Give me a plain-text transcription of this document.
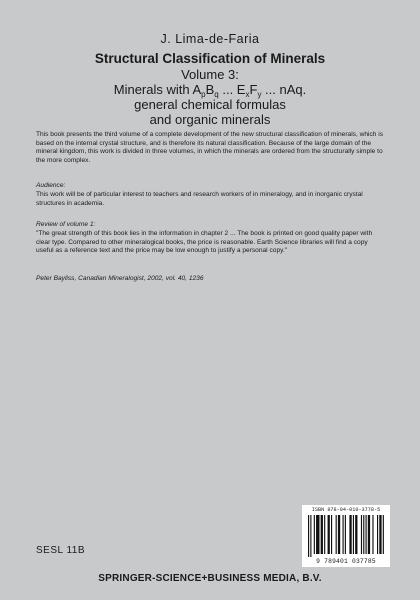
J. Lima-de-Faria
Structural Classification of Minerals
Volume 3:
Minerals with $A_pB_q$ ... $E_xF_y$ ... nAq.
general chemical formulas
and organic minerals
This book presents the third volume of a complete development of the new structural classification of minerals, which is based on the internal crystal structure, and is therefore its natural classification. Because of the large domain of the mineral kingdom, this work is divided in three volumes, in which the minerals are ordered from the structurally simple to the more complex.
Audience:
This work will be of particular interest to teachers and research workers of in mineralogy, and in inorganic crystal structures in academia.
Review of volume 1:
"The great strength of this book lies in the information in chapter 2 ... The book is printed on good quality paper with clear type. Compared to other mineralogical books, the price is reasonable. Earth Science libraries will find a copy useful as a reference text and the price may be low enough to justify a personal copy."
Peter Bayliss, Canadian Mineralogist, 2002, vol. 40, 1236
ISBN 978-94-010-3778-5
9 789401 037785
SESL 11B
SPRINGER-SCIENCE+BUSINESS MEDIA, B.V.
